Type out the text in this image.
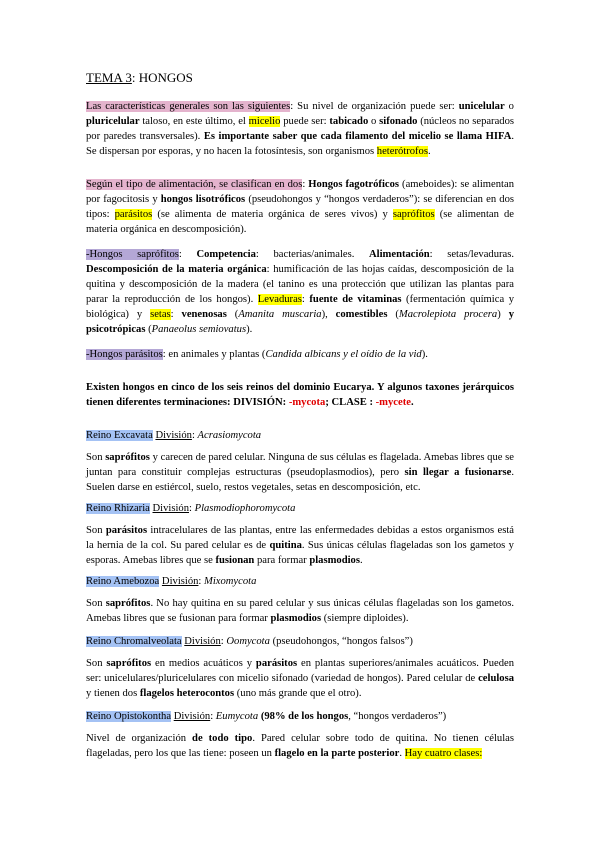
TEMA 3: HONGOS

Las características generales son las siguientes: Su nivel de organización puede ser: unicelular o pluricelular taloso, en este último, el micelio puede ser: tabicado o sifonado (núcleos no separados por paredes transversales). Es importante saber que cada filamento del micelio se llama HIFA. Se dispersan por esporas, y no hacen la fotosíntesis, son organismos heterótrofos.

Según el tipo de alimentación, se clasifican en dos: Hongos fagotróficos (ameboides): se alimentan por fagocitosis y hongos lisotróficos (pseudohongos y “hongos verdaderos”): se diferencian en dos tipos: parásitos (se alimenta de materia orgánica de seres vivos) y saprófitos (se alimentan de materia orgánica en descomposición).

-Hongos saprófitos: Competencia: bacterias/animales. Alimentación: setas/levaduras. Descomposición de la materia orgánica: humificación de las hojas caídas, descomposición de la quitina y descomposición de la madera (el tanino es una protección que utilizan las plantas para parar la reproducción de los hongos). Levaduras: fuente de vitaminas (fermentación química y biológica) y setas: venenosas (Amanita muscaria), comestibles (Macrolepiota procera) y psicotrópicas (Panaeolus semiovatus).

-Hongos parásitos: en animales y plantas (Candida albicans y el oídio de la vid).

Existen hongos en cinco de los seis reinos del dominio Eucarya. Y algunos taxones jerárquicos tienen diferentes terminaciones: DIVISIÓN: -mycota; CLASE : -mycete.

Reino Excavata División: Acrasiomycota

Son saprófitos y carecen de pared celular. Ninguna de sus células es flagelada. Amebas libres que se juntan para constituir complejas estructuras (pseudoplasmodios), pero sin llegar a fusionarse. Suelen darse en estiércol, suelo, restos vegetales, setas en descomposición, etc.

Reino Rhizaria División: Plasmodiophoromycota

Son parásitos intracelulares de las plantas, entre las enfermedades debidas a estos organismos está la hernia de la col. Su pared celular es de quitina. Sus únicas células flageladas son los gametos y esporas. Amebas libres que se fusionan para formar plasmodios.

Reino Amebozoa División: Mixomycota

Son saprófitos. No hay quitina en su pared celular y sus únicas células flageladas son los gametos. Amebas libres que se fusionan para formar plasmodios (siempre diploides).

Reino Chromalveolata División: Oomycota (pseudohongos, “hongos falsos”)

Son saprófitos en medios acuáticos y parásitos en plantas superiores/animales acuáticos. Pueden ser: unicelulares/pluricelulares con micelio sifonado (variedad de hongos). Pared celular de celulosa y tienen dos flagelos heterocontos (uno más grande que el otro).

Reino Opistokontha División: Eumycota (98% de los hongos, “hongos verdaderos”)

Nivel de organización de todo tipo. Pared celular sobre todo de quitina. No tienen células flageladas, pero los que las tiene: poseen un flagelo en la parte posterior. Hay cuatro clases:
